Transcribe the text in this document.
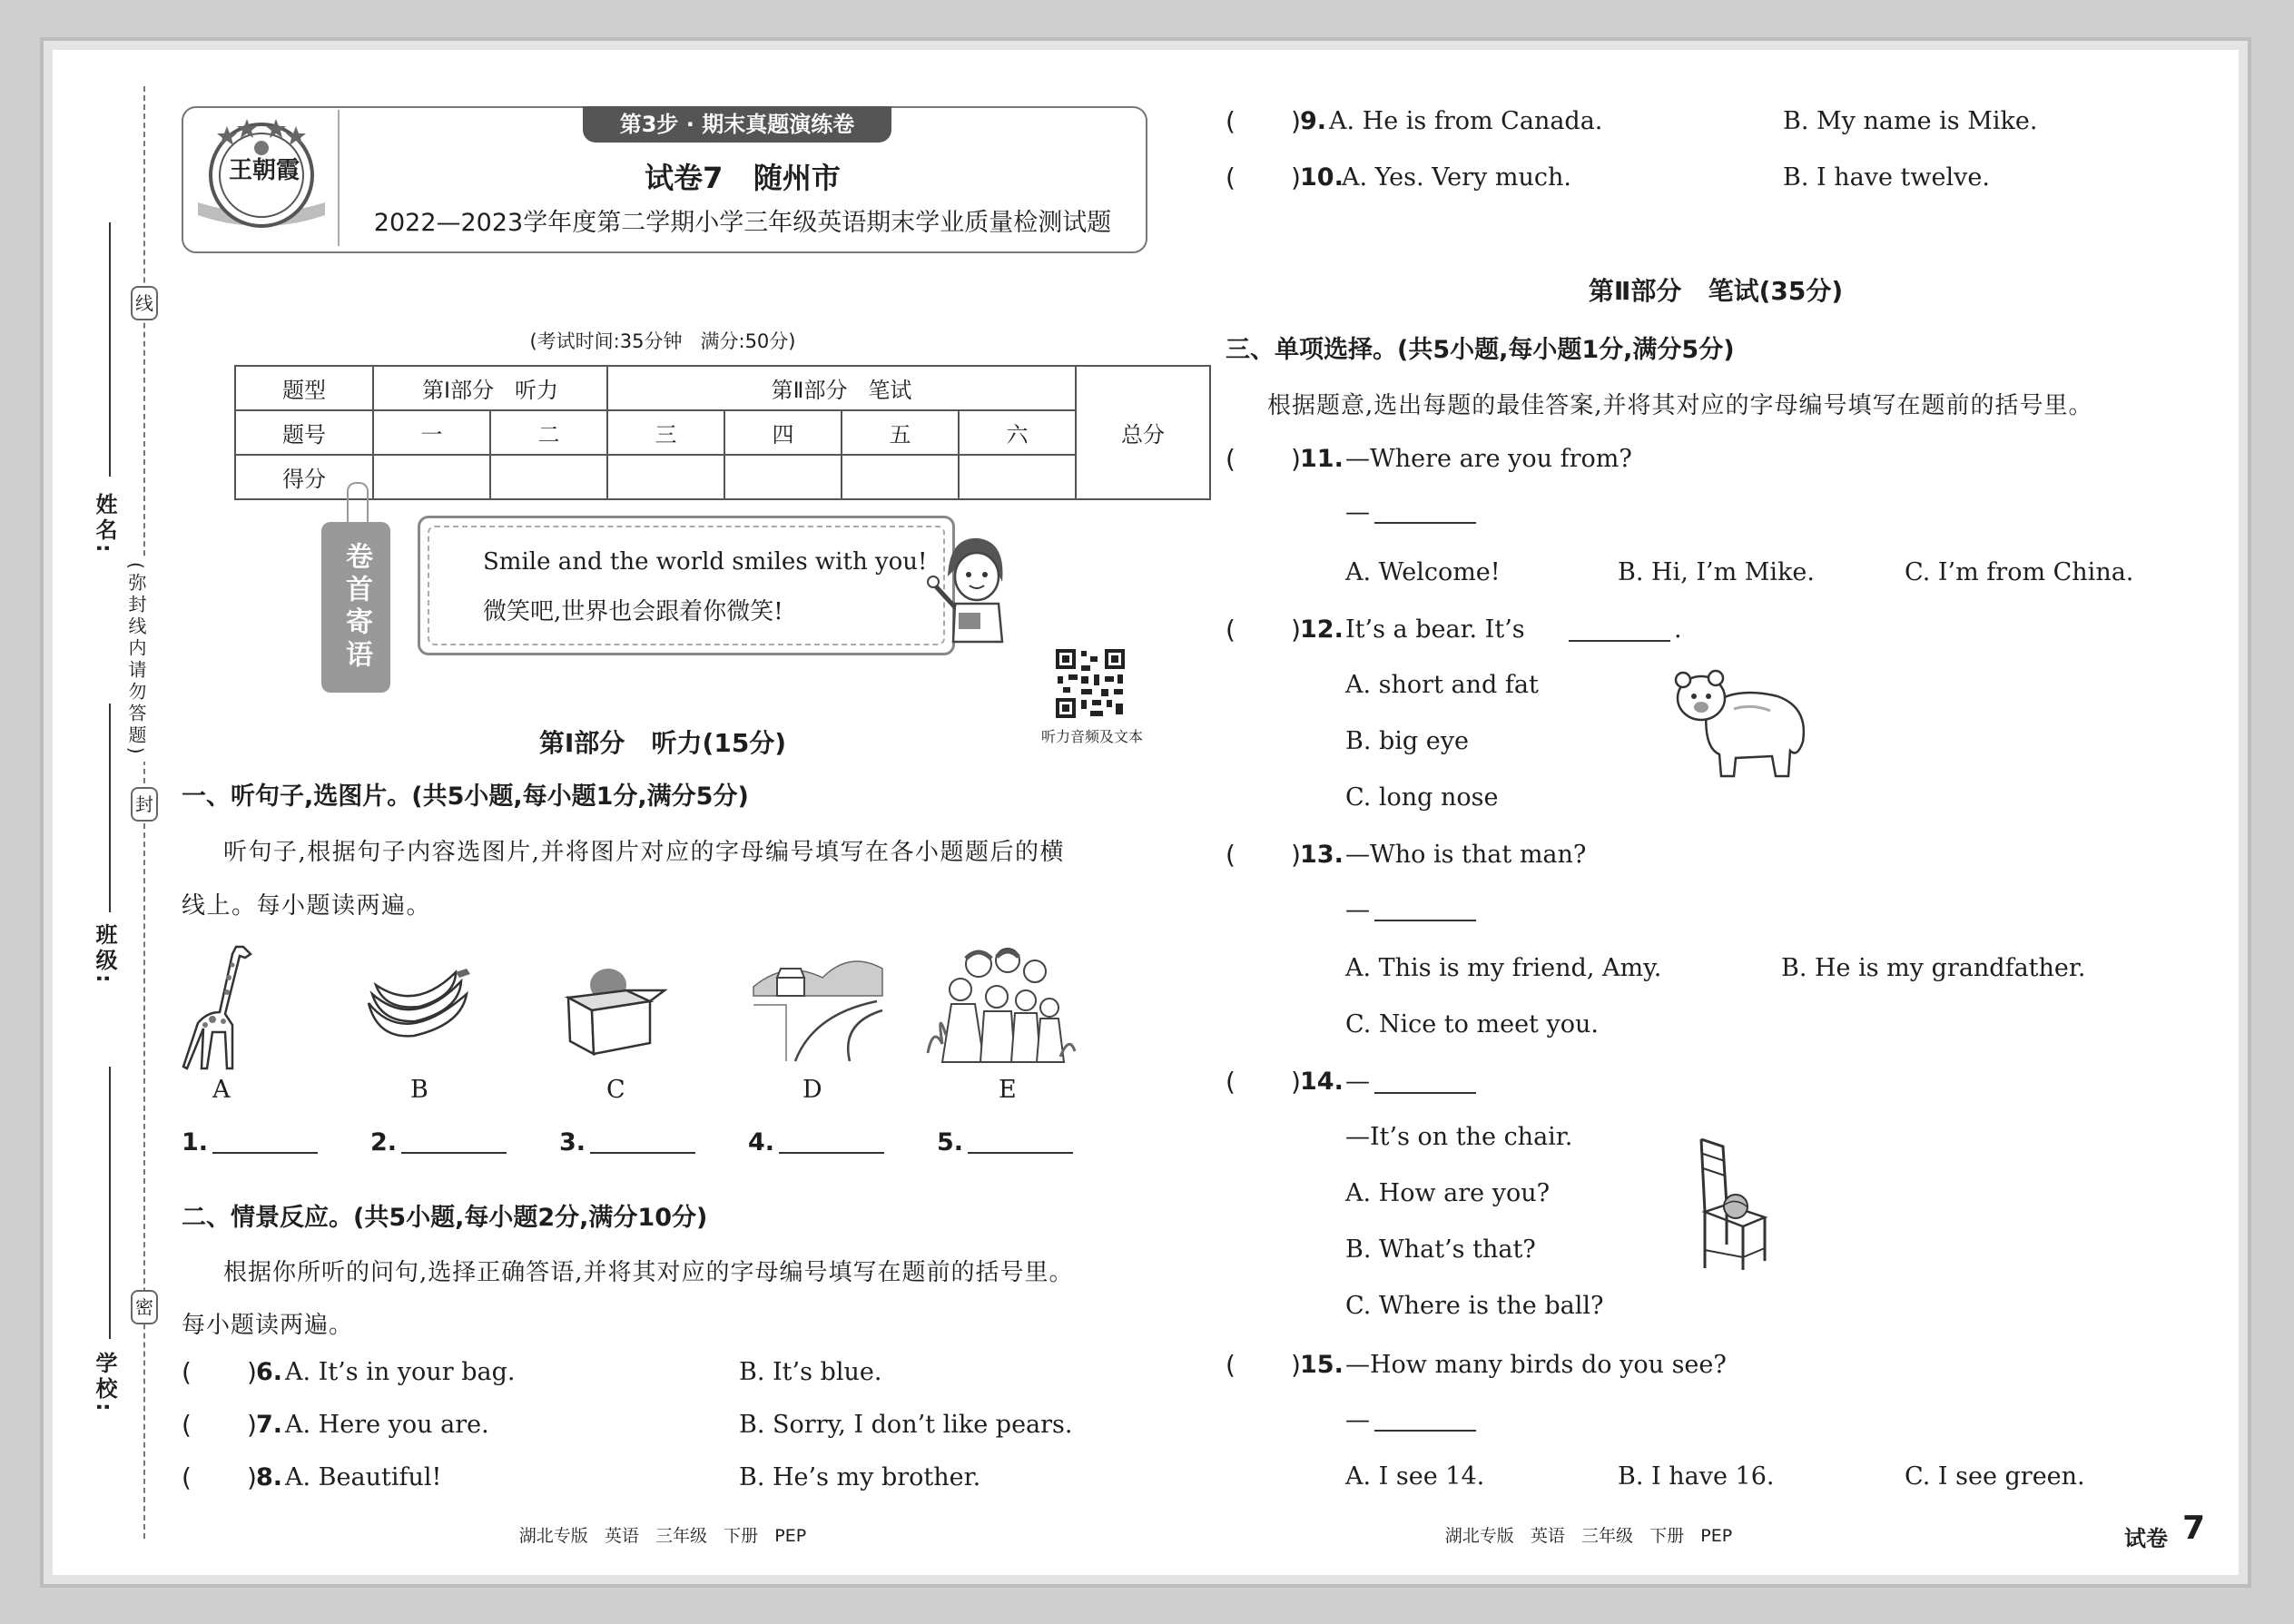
线
封
密
(弥封线内请勿答题)
姓名:
班级:
学校:
王朝霞
第3步 · 期末真题演练卷
试卷7   随州市
2022—2023学年度第二学期小学三年级英语期末学业质量检测试题
(考试时间:35分钟   满分:50分)
题型	第Ⅰ部分   听力		第Ⅱ部分   笔试				总分
题号	一	二	三	四	五	六	
得分							
卷首寄语	Smile and the world smiles with you!
微笑吧,世界也会跟着你微笑!
听力音频及文本
第Ⅰ部分   听力(15分)
一、听句子,选图片。(共5小题,每小题1分,满分5分)
听句子,根据句子内容选图片,并将图片对应的字母编号填写在各小题题后的横
线上。每小题读两遍。
A	B	C	D	E
1.	2.	3.	4.	5.
二、情景反应。(共5小题,每小题2分,满分10分)
根据你所听的问句,选择正确答语,并将其对应的字母编号填写在题前的括号里。
每小题读两遍。
( ) 6. A. It’s in your bag.	B. It’s blue.
( ) 7. A. Here you are.	B. Sorry, I don’t like pears.
( ) 8. A. Beautiful!	B. He’s my brother.
湖北专版   英语   三年级   下册   PEP
( ) 9. A. He is from Canada.	B. My name is Mike.
( ) 10.
A. Yes. Very much.	B. I have twelve.
第Ⅱ部分   笔试(35分)
三、单项选择。(共5小题,每小题1分,满分5分)
根据题意,选出每题的最佳答案,并将其对应的字母编号填写在题前的括号里。
( ) 11. —Where are you from?
—
A. Welcome!	B. Hi, I’m Mike.	C. I’m from China.
( ) 12. It’s a bear. It’s	.
A. short and fat
B. big eye
C. long nose
( ) 13. —Who is that man?
—
A. This is my friend, Amy.	B. He is my grandfather.
C. Nice to meet you.
( ) 14. —
—It’s on the chair.
A. How are you?
B. What’s that?
C. Where is the ball?
( ) 15. —How many birds do you see?
—
A. I see 14.	B. I have 16.	C. I see green.
湖北专版   英语   三年级   下册   PEP	试卷 7
